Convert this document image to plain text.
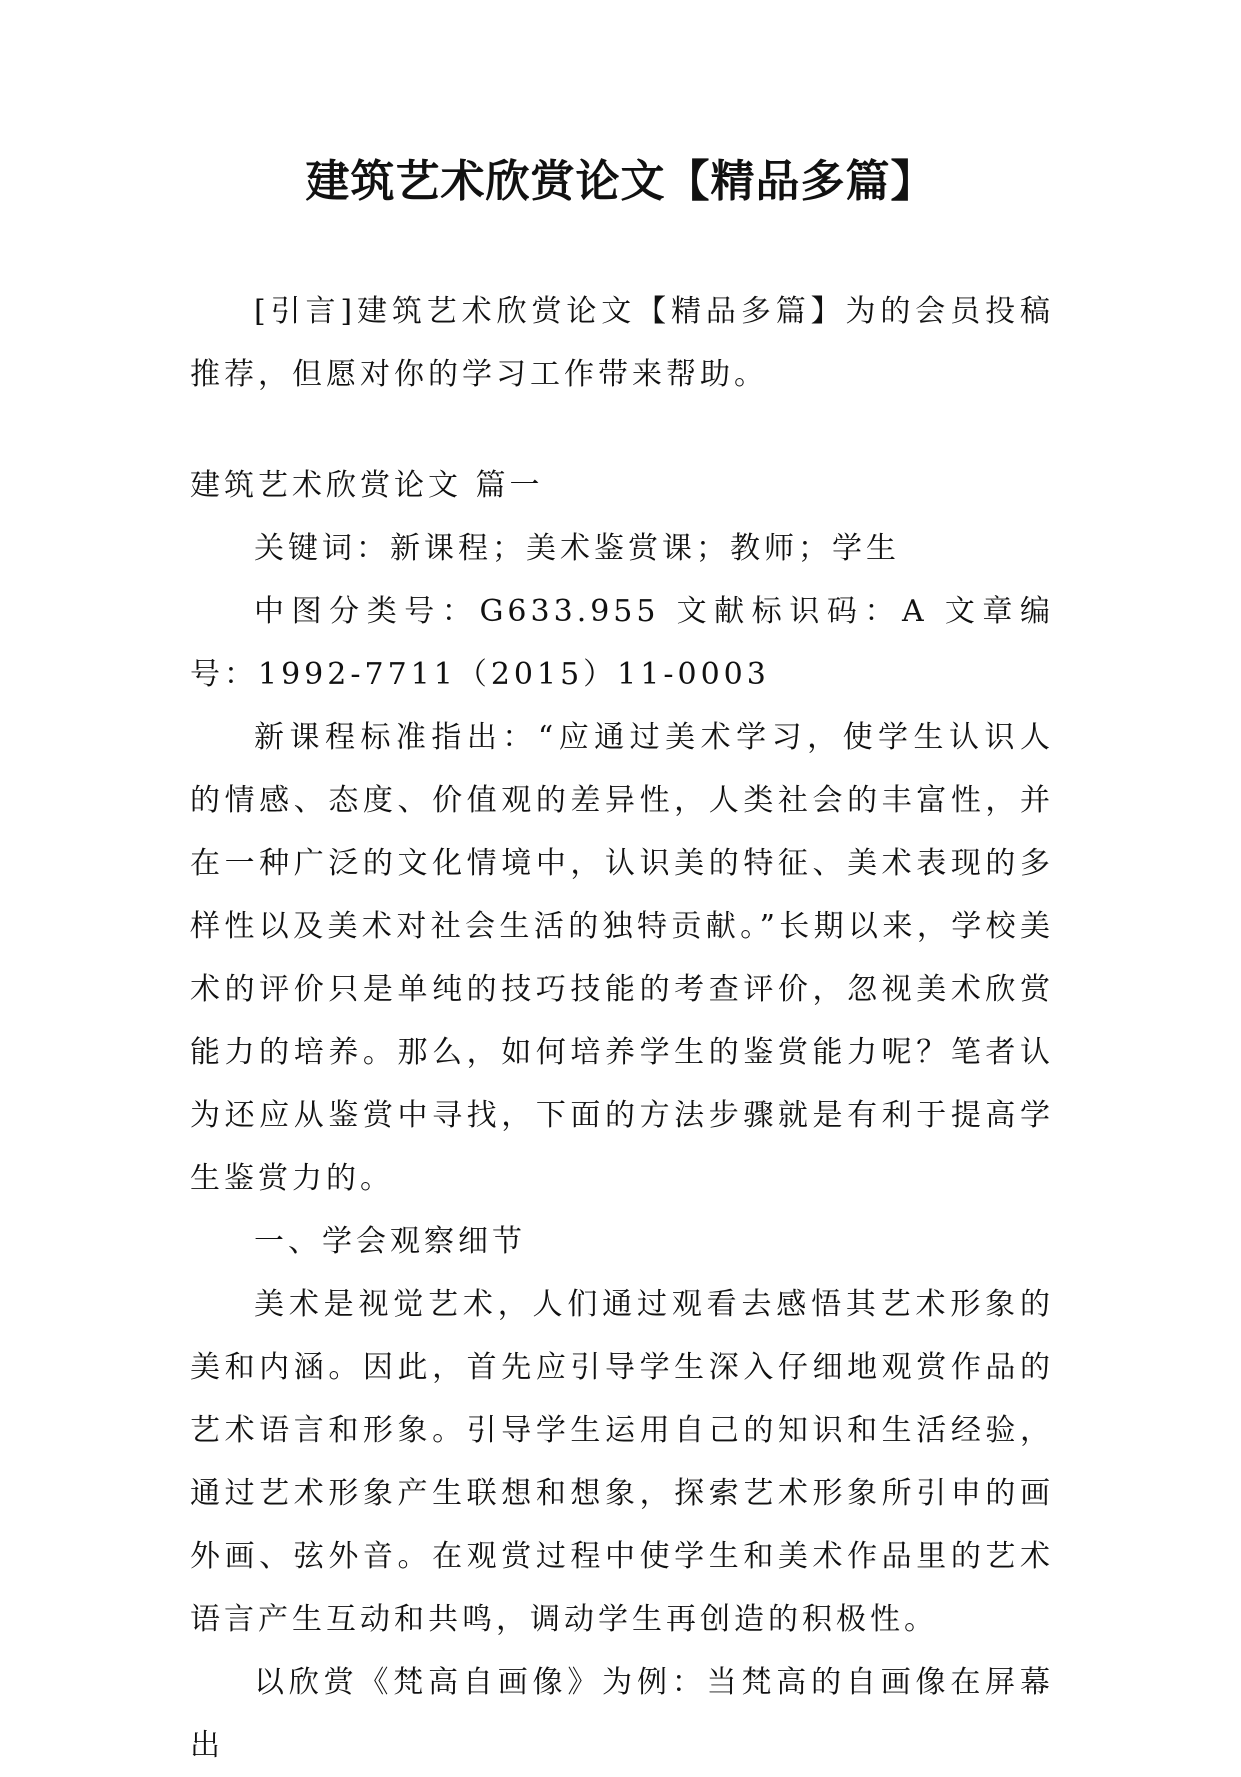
建筑艺术欣赏论文【精品多篇】

[引言]建筑艺术欣赏论文【精品多篇】为的会员投稿推荐，但愿对你的学习工作带来帮助。

建筑艺术欣赏论文 篇一

关键词：新课程；美术鉴赏课；教师；学生

中图分类号：G633.955 文献标识码：A 文章编号：1992-7711（2015）11-0003

新课程标准指出：“应通过美术学习，使学生认识人的情感、态度、价值观的差异性，人类社会的丰富性，并在一种广泛的文化情境中，认识美的特征、美术表现的多样性以及美术对社会生活的独特贡献。”长期以来，学校美术的评价只是单纯的技巧技能的考查评价，忽视美术欣赏能力的培养。那么，如何培养学生的鉴赏能力呢？笔者认为还应从鉴赏中寻找，下面的方法步骤就是有利于提高学生鉴赏力的。

一、学会观察细节

美术是视觉艺术，人们通过观看去感悟其艺术形象的美和内涵。因此，首先应引导学生深入仔细地观赏作品的艺术语言和形象。引导学生运用自己的知识和生活经验，通过艺术形象产生联想和想象，探索艺术形象所引申的画外画、弦外音。在观赏过程中使学生和美术作品里的艺术语言产生互动和共鸣，调动学生再创造的积极性。

以欣赏《梵高自画像》为例：当梵高的自画像在屏幕出
